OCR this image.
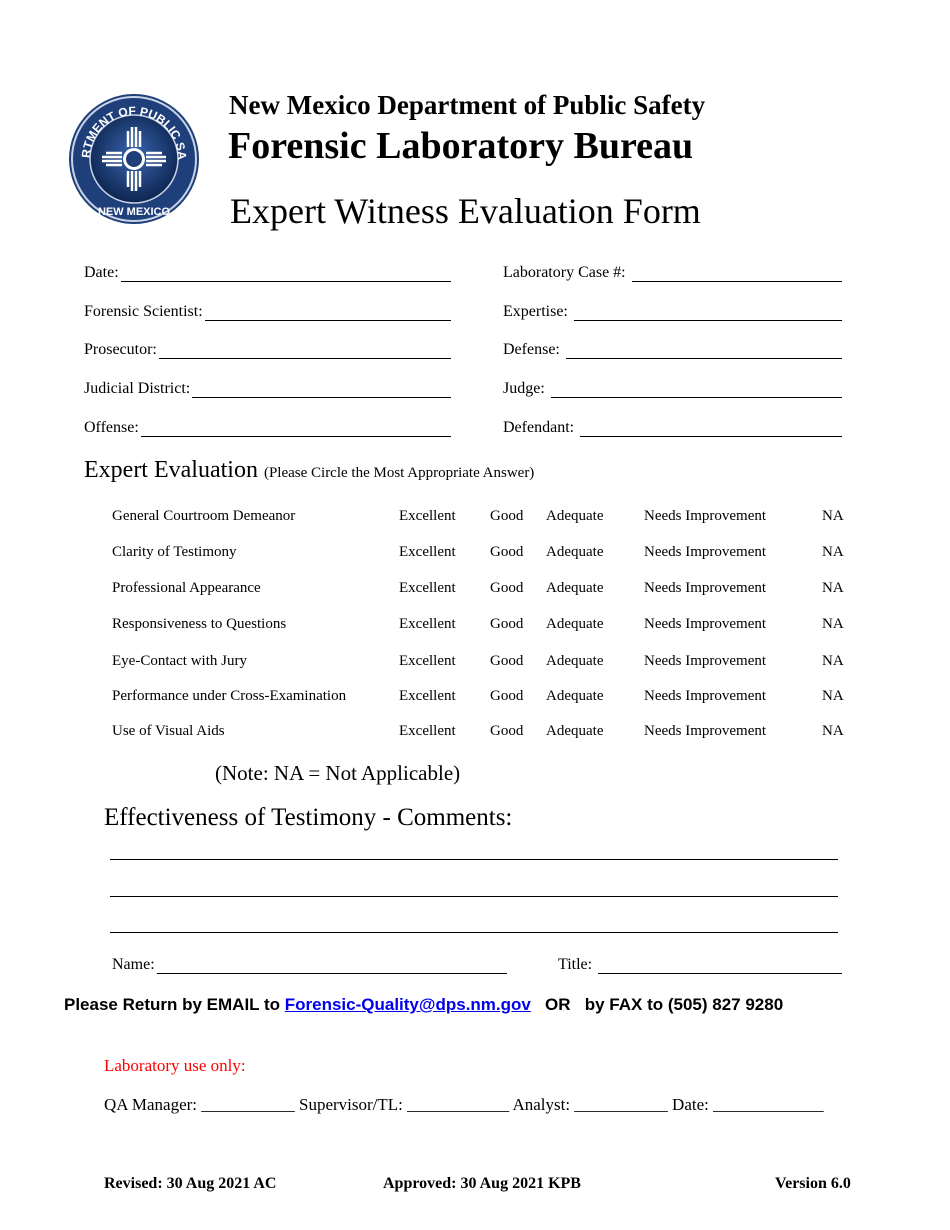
RTMENT OF PUBLIC SA
NEW MEXICO
New Mexico Department of Public Safety
Forensic Laboratory Bureau
Expert Witness Evaluation Form
Date:
Forensic Scientist:
Prosecutor:
Judicial District:
Offense:
Laboratory Case #:
Expertise:
Defense:
Judge:
Defendant:
Expert Evaluation (Please Circle the Most Appropriate Answer)
General Courtroom Demeanor	Excellent Good Adequate	Needs Improvement	NA
Clarity of Testimony	Excellent Good Adequate	Needs Improvement	NA
Professional Appearance	Excellent Good Adequate	Needs Improvement	NA
Responsiveness to Questions	Excellent Good Adequate	Needs Improvement	NA
Eye-Contact with Jury	Excellent Good Adequate	Needs Improvement	NA
Performance under Cross-Examination	Excellent Good Adequate	Needs Improvement	NA
Use of Visual Aids	Excellent Good Adequate	Needs Improvement	NA
(Note: NA = Not Applicable)
Effectiveness of Testimony - Comments:
Name:	Title:
Please Return by EMAIL to Forensic-Quality@dps.nm.gov OR by FAX to (505) 827 9280
Laboratory use only:
QA Manager: ___________ Supervisor/TL: ____________ Analyst: ___________ Date: _____________
Revised: 30 Aug 2021 AC	Approved: 30 Aug 2021 KPB	Version 6.0
